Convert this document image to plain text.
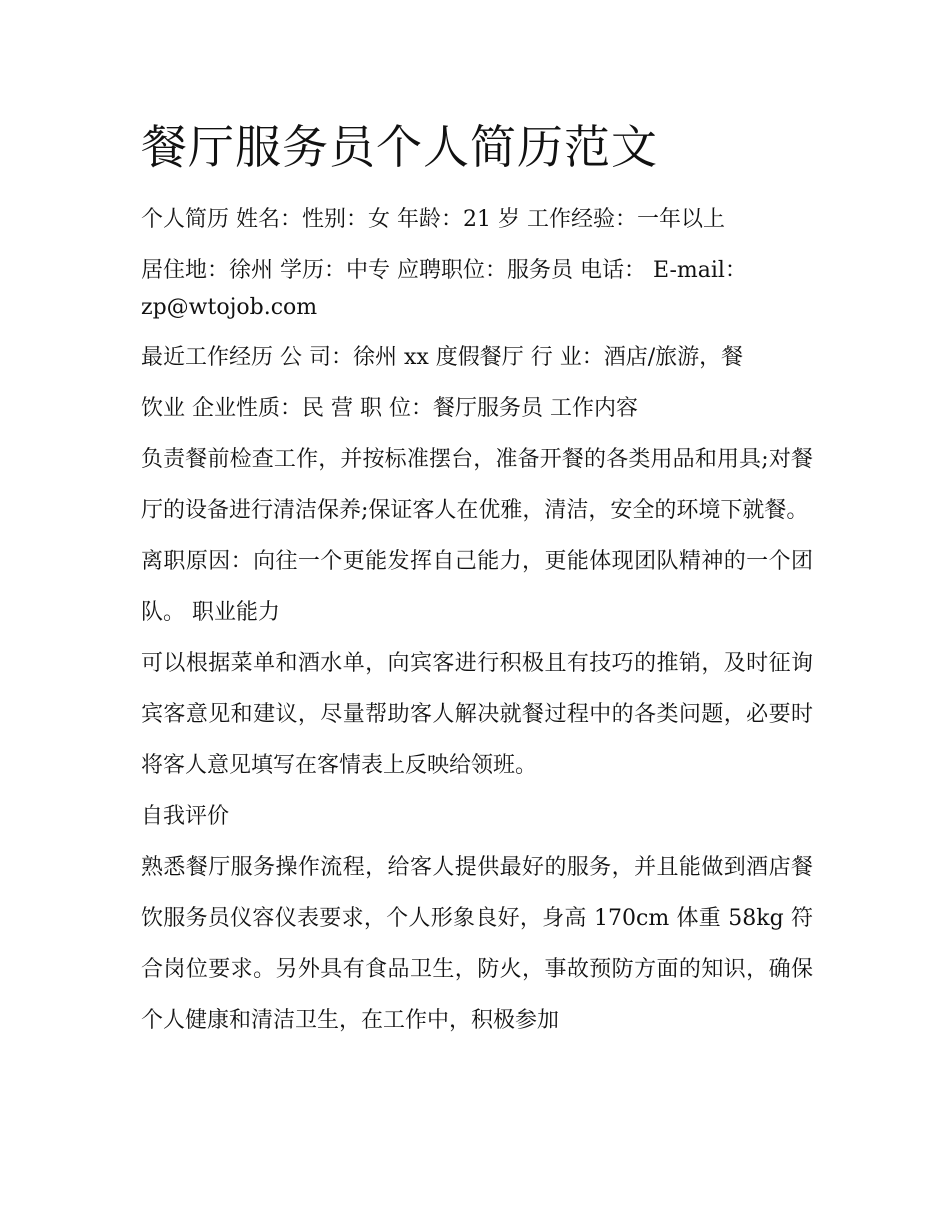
餐厅服务员个人简历范文

个人简历 姓名：性别：女 年龄：21 岁 工作经验：一年以上

居住地：徐州 学历：中专 应聘职位：服务员 电话： E-mail：

zp@wtojob.com

最近工作经历 公 司：徐州 xx 度假餐厅 行 业：酒店/旅游，餐

饮业 企业性质：民 营 职 位：餐厅服务员 工作内容

负责餐前检查工作，并按标准摆台，准备开餐的各类用品和用具;对餐厅的设备进行清洁保养;保证客人在优雅，清洁，安全的环境下就餐。

离职原因：向往一个更能发挥自己能力，更能体现团队精神的一个团队。 职业能力

可以根据菜单和酒水单，向宾客进行积极且有技巧的推销，及时征询宾客意见和建议，尽量帮助客人解决就餐过程中的各类问题，必要时将客人意见填写在客情表上反映给领班。

自我评价

熟悉餐厅服务操作流程，给客人提供最好的服务，并且能做到酒店餐饮服务员仪容仪表要求，个人形象良好，身高 170cm 体重 58kg 符合岗位要求。另外具有食品卫生，防火，事故预防方面的知识，确保个人健康和清洁卫生，在工作中，积极参加
